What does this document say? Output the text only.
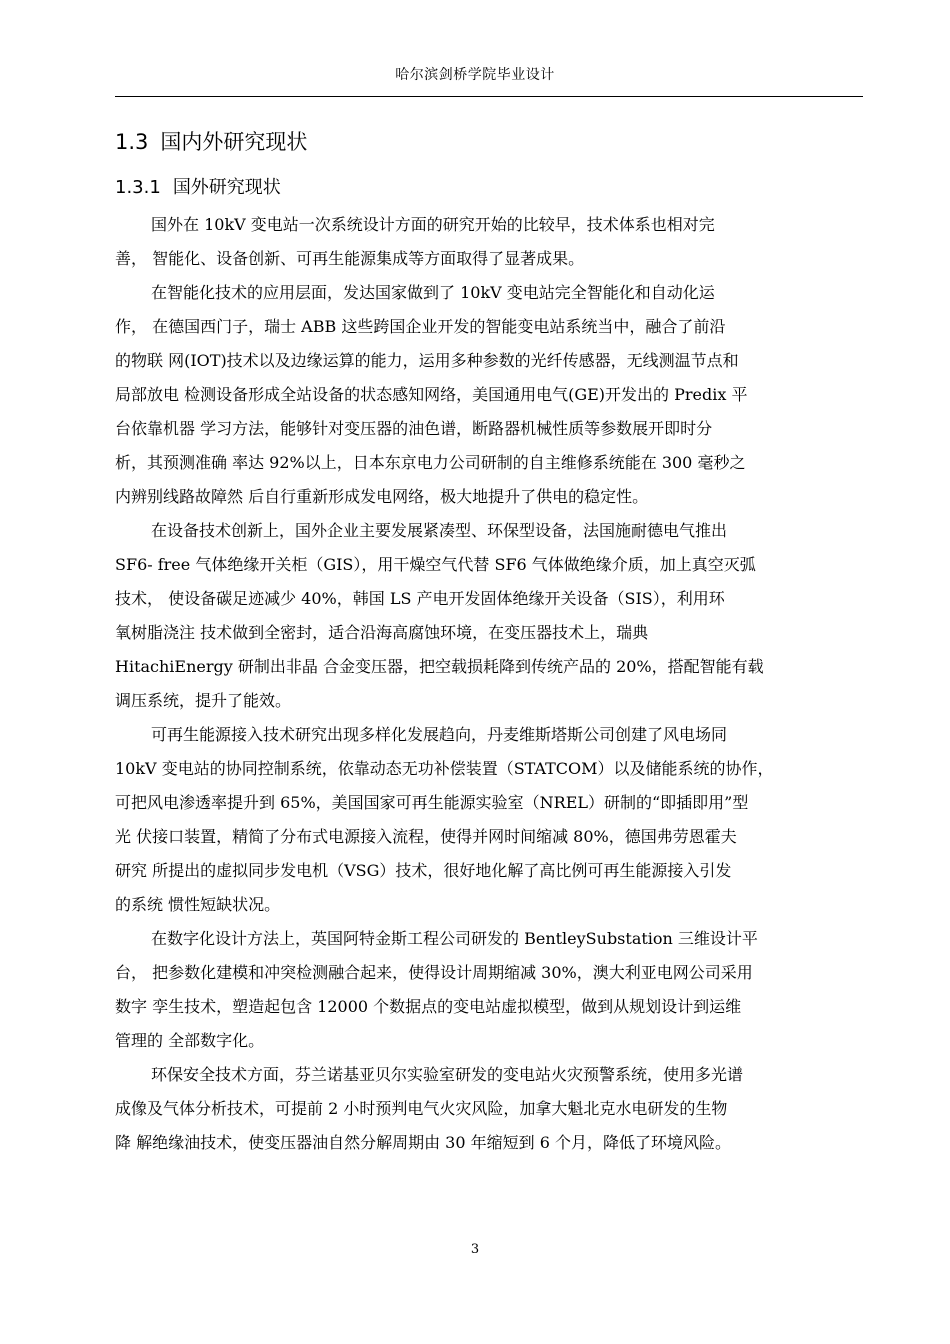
哈尔滨剑桥学院毕业设计
1.3 国内外研究现状
1.3.1 国外研究现状
国外在 10kV 变电站一次系统设计方面的研究开始的比较早，技术体系也相对完
善， 智能化、设备创新、可再生能源集成等方面取得了显著成果。
在智能化技术的应用层面，发达国家做到了 10kV 变电站完全智能化和自动化运
作， 在德国西门子，瑞士 ABB 这些跨国企业开发的智能变电站系统当中，融合了前沿
的物联 网(IOT)技术以及边缘运算的能力，运用多种参数的光纤传感器，无线测温节点和
局部放电 检测设备形成全站设备的状态感知网络，美国通用电气(GE)开发出的 Predix 平
台依靠机器 学习方法，能够针对变压器的油色谱，断路器机械性质等参数展开即时分
析，其预测准确 率达 92%以上，日本东京电力公司研制的自主维修系统能在 300 毫秒之
内辨别线路故障然 后自行重新形成发电网络，极大地提升了供电的稳定性。
在设备技术创新上，国外企业主要发展紧凑型、环保型设备，法国施耐德电气推出
SF6- free 气体绝缘开关柜（GIS），用干燥空气代替 SF6 气体做绝缘介质，加上真空灭弧
技术， 使设备碳足迹减少 40%，韩国 LS 产电开发固体绝缘开关设备（SIS），利用环
氧树脂浇注 技术做到全密封，适合沿海高腐蚀环境，在变压器技术上，瑞典
HitachiEnergy 研制出非晶 合金变压器，把空载损耗降到传统产品的 20%，搭配智能有载
调压系统，提升了能效。
可再生能源接入技术研究出现多样化发展趋向，丹麦维斯塔斯公司创建了风电场同
10kV 变电站的协同控制系统，依靠动态无功补偿装置（STATCOM）以及储能系统的协作，
可把风电渗透率提升到 65%，美国国家可再生能源实验室（NREL）研制的“即插即用”型
光 伏接口装置，精简了分布式电源接入流程，使得并网时间缩减 80%，德国弗劳恩霍夫
研究 所提出的虚拟同步发电机（VSG）技术，很好地化解了高比例可再生能源接入引发
的系统 惯性短缺状况。
在数字化设计方法上，英国阿特金斯工程公司研发的 BentleySubstation 三维设计平
台， 把参数化建模和冲突检测融合起来，使得设计周期缩减 30%，澳大利亚电网公司采用
数字 孪生技术，塑造起包含 12000 个数据点的变电站虚拟模型，做到从规划设计到运维
管理的 全部数字化。
环保安全技术方面，芬兰诺基亚贝尔实验室研发的变电站火灾预警系统，使用多光谱
成像及气体分析技术，可提前 2 小时预判电气火灾风险，加拿大魁北克水电研发的生物
降 解绝缘油技术，使变压器油自然分解周期由 30 年缩短到 6 个月，降低了环境风险。
3
